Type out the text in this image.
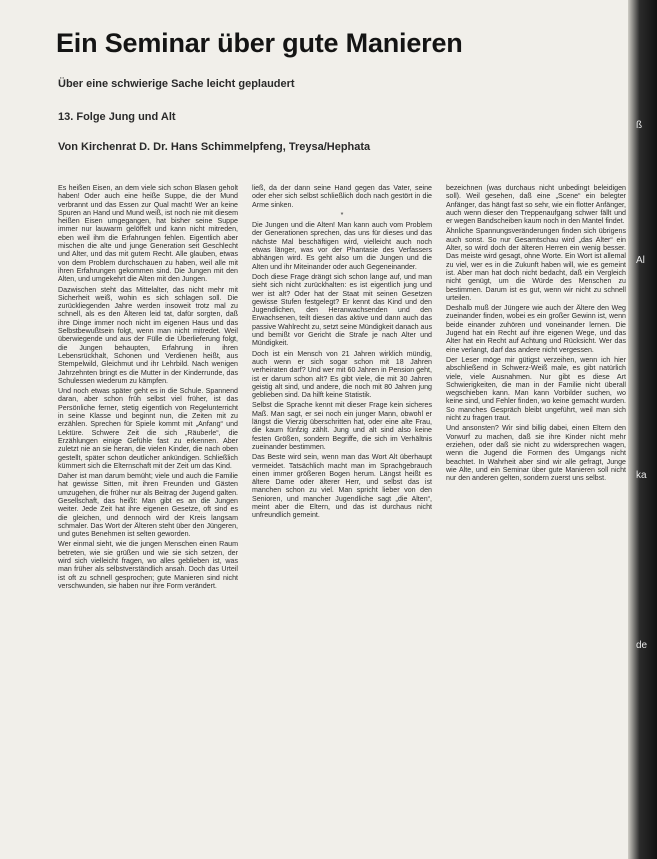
Ein Seminar über gute Manieren
Über eine schwierige Sache leicht geplaudert
13. Folge Jung und Alt
Von Kirchenrat D. Dr. Hans Schimmelpfeng, Treysa/Hephata

Es heißen Eisen, an dem viele sich schon Blasen geholt haben! Oder auch eine heiße Suppe, die der Mund verbrannt und das Essen zur Qual macht! Wer an keine Spuren an Hand und Mund weiß, ist noch nie mit diesem heißen Eisen umgegangen, hat bisher seine Suppe immer nur lauwarm gelöffelt und kann nicht mitreden, eben weil ihm die Erfahrungen fehlen. Eigentlich aber mischen die alte und junge Generation seit Geschlecht und Alter, und das mit gutem Recht. Alle glauben, etwas von dem Problem durchschauen zu haben, weil alle mit ihren Erfahrungen gekommen sind. Die Jungen mit den Alten, und umgekehrt die Alten mit den Jungen.

Dazwischen steht das Mittelalter, das nicht mehr mit Sicherheit weiß, wohin es sich schlagen soll. Die zurückliegenden Jahre werden insoweit trotz mal zu schnell, als es den Älteren leid tat, dafür sorgten, daß ihre Dinge immer noch nicht im eigenen Haus und das Selbstbewußtsein folgt, wenn man nicht mitredet. Weil überwiegende und aus der Fülle die Überlieferung folgt, die Jungen behaupten, Erfahrung in ihren Lebensrückhalt, Schonen und Verdienen heißt, aus Stempelwild, Gleichmut und ihr Lehrbild. Nach wenigen Jahrzehnten bringt es die Mutter in der Kinderrunde, das Schulessen wiederum zu kämpfen.

Und noch etwas später geht es in die Schule. Spannend daran, aber schon früh selbst viel früher, ist das Persönliche ferner, stetig eigentlich von Regelunterricht in seine Klasse und beginnt nun, die Zeiten mit zu erzählen. Sprechen für Spiele kommt mit „Anfang“ und Lektüre. Schwere Zeit die sich „Räuberle“, die Erzählungen einige Gefühle fast zu erkennen. Aber zuletzt nie an sie heran, die vielen Kinder, die nach oben gestellt, später schon deutlicher ankündigen. Schließlich kümmert sich die Elternschaft mit der Zeit um das Kind.

Daher ist man darum bemüht; viele und auch die Familie hat gewisse Sitten, mit ihren Freunden und Gästen umzugehen, die früher nur als Beitrag der Jugend galten. Gesellschaft, das heißt: Man gibt es an die Jungen weiter. Jede Zeit hat ihre eigenen Gesetze, oft sind es die gleichen, und dennoch wird der Kreis langsam schmaler. Das Wort der Älteren steht über den Jüngeren, und gutes Benehmen ist selten geworden.

Wer einmal sieht, wie die jungen Menschen einen Raum betreten, wie sie grüßen und wie sie sich setzen, der wird sich vielleicht fragen, wo alles geblieben ist, was man früher als selbstverständlich ansah. Doch das Urteil ist oft zu schnell gesprochen; gute Manieren sind nicht verschwunden, sie haben nur ihre Form verändert.

ließ, da der dann seine Hand gegen das Vater, seine oder eher sich selbst schließlich doch nach gestört in die Arme sinken.

*

Die Jungen und die Alten! Man kann auch vom Problem der Generationen sprechen, das uns für dieses und das nächste Mal beschäftigen wird, vielleicht auch noch etwas länger, was vor der Phantasie des Verfassers abhängen wird. Es geht also um die Jungen und die Alten und ihr Miteinander oder auch Gegeneinander.

Doch diese Frage drängt sich schon lange auf, und man sieht sich nicht zurückhalten: es ist eigentlich jung und wer ist alt? Oder hat der Staat mit seinen Gesetzen gewisse Stufen festgelegt? Er kennt das Kind und den Jugendlichen, den Heranwachsenden und den Erwachsenen, teilt diesen das aktive und dann auch das passive Wahlrecht zu, setzt seine Mündigkeit danach aus und bemißt vor Gericht die Strafe je nach Alter und Mündigkeit.

Doch ist ein Mensch von 21 Jahren wirklich mündig, auch wenn er sich sogar schon mit 18 Jahren verheiraten darf? Und wer mit 60 Jahren in Pension geht, ist er darum schon alt? Es gibt viele, die mit 30 Jahren geistig alt sind, und andere, die noch mit 80 Jahren jung geblieben sind. Da hilft keine Statistik.

Selbst die Sprache kennt mit dieser Frage kein sicheres Maß. Man sagt, er sei noch ein junger Mann, obwohl er längst die Vierzig überschritten hat, oder eine alte Frau, die kaum fünfzig zählt. Jung und alt sind also keine festen Größen, sondern Begriffe, die sich im Verhältnis zueinander bestimmen.

Das Beste wird sein, wenn man das Wort Alt überhaupt vermeidet. Tatsächlich macht man im Sprachgebrauch einen immer größeren Bogen herum. Längst heißt es ältere Dame oder älterer Herr, und selbst das ist manchen schon zu viel. Man spricht lieber von den Senioren, und mancher Jugendliche sagt „die Alten“, meint aber die Eltern, und das ist durchaus nicht unfreundlich gemeint.

bezeichnen (was durchaus nicht unbedingt beleidigen soll). Weil gesehen, daß eine „Scene“ ein belegter Anfänger, das hängt fast so sehr, wie ein flotter Anfänger, auch wenn dieser den Treppenaufgang schwer fällt und er wegen Bandscheiben kaum noch in den Mantel findet.

Ähnliche Spannungsveränderungen finden sich übrigens auch sonst. So nur Gesamtschau wird „das Alter“ ein Alter, so wird doch der älteren Herren ein wenig besser. Das meiste wird gesagt, ohne Worte. Ein Wort ist allemal zu viel, wer es in die Zukunft haben will, wie es gemeint ist. Aber man hat doch nicht bedacht, daß ein Vergleich nicht genügt, um die Würde des Menschen zu bestimmen. Darum ist es gut, wenn wir nicht zu schnell urteilen.

Deshalb muß der Jüngere wie auch der Ältere den Weg zueinander finden, wobei es ein großer Gewinn ist, wenn beide einander zuhören und voneinander lernen. Die Jugend hat ein Recht auf ihre eigenen Wege, und das Alter hat ein Recht auf Achtung und Rücksicht. Wer das eine verlangt, darf das andere nicht vergessen.

Der Leser möge mir gütigst verzeihen, wenn ich hier abschließend in Schwerz-Weiß male, es gibt natürlich viele, viele Ausnahmen. Nur gibt es diese Art Schwierigkeiten, die man in der Familie nicht überall wegschieben kann. Man kann Vorbilder suchen, wo keine sind, und Fehler finden, wo keine gemacht wurden. So manches Gespräch bleibt ungeführt, weil man sich nicht zu fragen traut.

Und ansonsten? Wir sind billig dabei, einen Eltern den Vorwurf zu machen, daß sie ihre Kinder nicht mehr erziehen, oder daß sie nicht zu widersprechen wagen, wenn die Jugend die Formen des Umgangs nicht beachtet. In Wahrheit aber sind wir alle gefragt, Junge wie Alte, und ein Seminar über gute Manieren soll nicht nur den anderen gelten, sondern zuerst uns selbst.

ß
Al
ka
de
